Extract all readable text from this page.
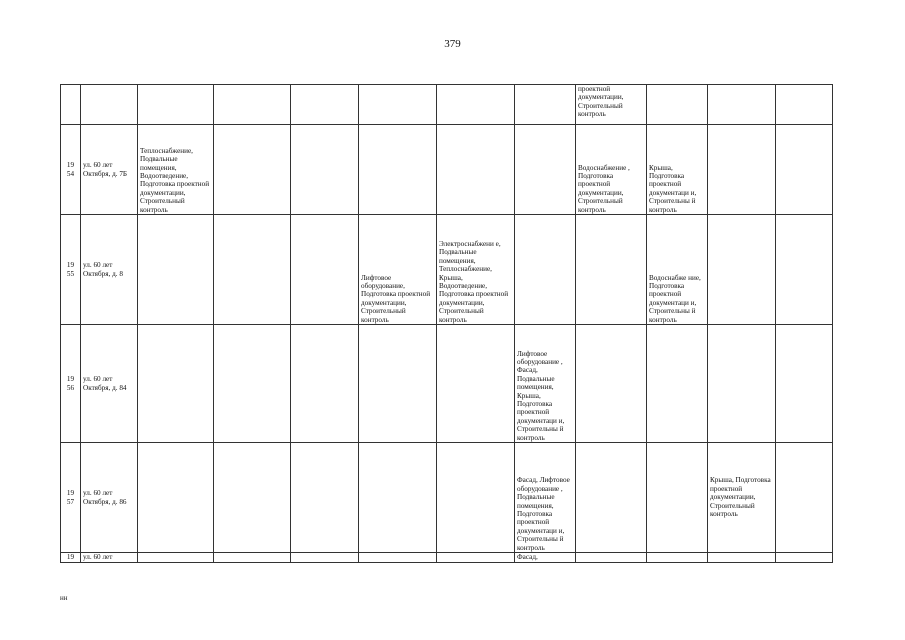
379
								проектной документации, Строительный контроль			
19 54	ул. 60 лет Октября, д. 7Б	Теплоснабжение, Подвальные помещения, Водоотведение, Подготовка проектной документации, Строительный контроль						Водоснабжение , Подготовка проектной документации, Строительный контроль	Крыша, Подготовка проектной документаци и, Строительны й контроль		
19 55	ул. 60 лет Октября, д. 8				Лифтовое оборудование, Подготовка проектной документации, Строительный контроль	Электроснабжени е, Подвальные помещения, Теплоснабжение, Крыша, Водоотведение, Подготовка проектной документации, Строительный контроль			Водоснабже ние, Подготовка проектной документаци и, Строительны й контроль		
19 56	ул. 60 лет Октября, д. 84						Лифтовое оборудование , Фасад, Подвальные помещения, Крыша, Подготовка проектной документаци и, Строительны й контроль				
19 57	ул. 60 лет Октября, д. 86						Фасад, Лифтовое оборудование , Подвальные помещения, Подготовка проектной документаци и, Строительны й контроль			Крыша, Подготовка проектной документации, Строительный контроль	
19	ул. 60 лет						Фасад,				
нн
